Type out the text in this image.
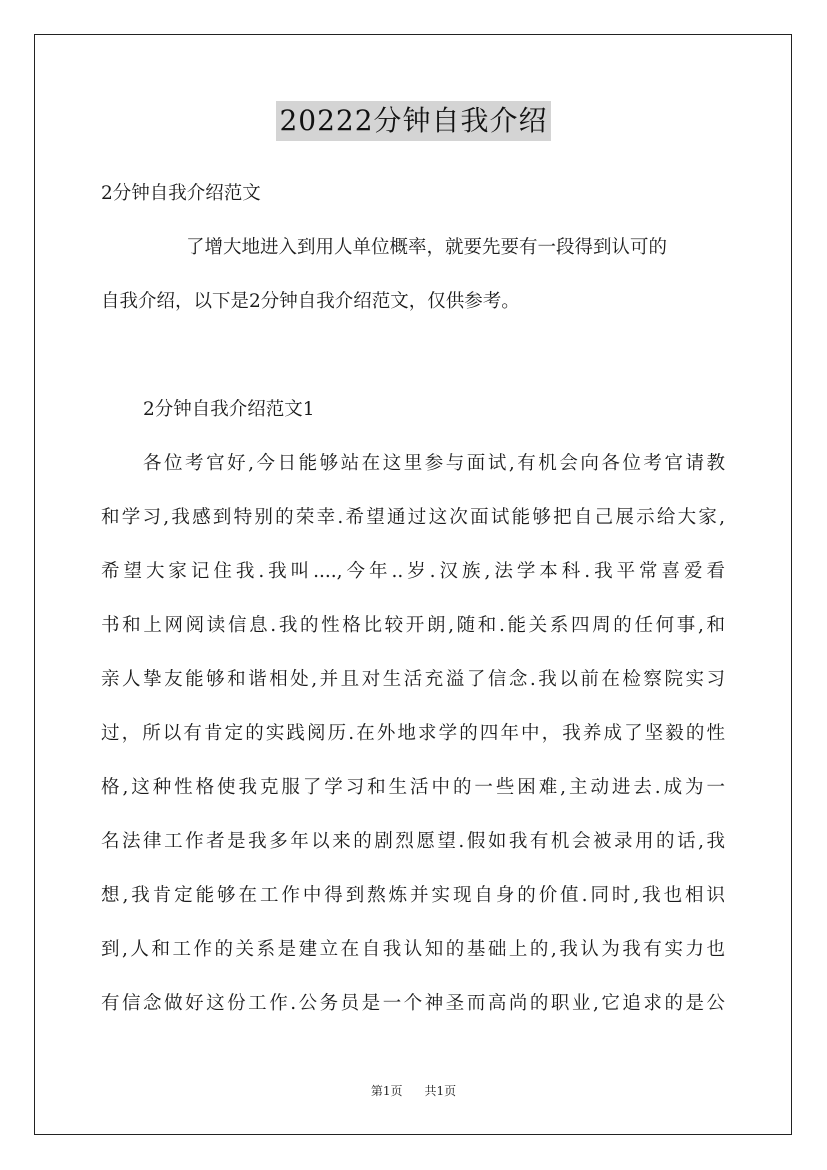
20222分钟自我介绍
2分钟自我介绍范文
了增大地进入到用人单位概率，就要先要有一段得到认可的
自我介绍，以下是2分钟自我介绍范文，仅供参考。
2分钟自我介绍范文1
各位考官好,今日能够站在这里参与面试,有机会向各位考官请教
和学习,我感到特别的荣幸.希望通过这次面试能够把自己展示给大家,
希望大家记住我.我叫....,今年..岁.汉族,法学本科.我平常喜爱看
书和上网阅读信息.我的性格比较开朗,随和.能关系四周的任何事,和
亲人挚友能够和谐相处,并且对生活充溢了信念.我以前在检察院实习
过，所以有肯定的实践阅历.在外地求学的四年中，我养成了坚毅的性
格,这种性格使我克服了学习和生活中的一些困难,主动进去.成为一
名法律工作者是我多年以来的剧烈愿望.假如我有机会被录用的话,我
想,我肯定能够在工作中得到熬炼并实现自身的价值.同时,我也相识
到,人和工作的关系是建立在自我认知的基础上的,我认为我有实力也
有信念做好这份工作.公务员是一个神圣而高尚的职业,它追求的是公
第1页 共1页
